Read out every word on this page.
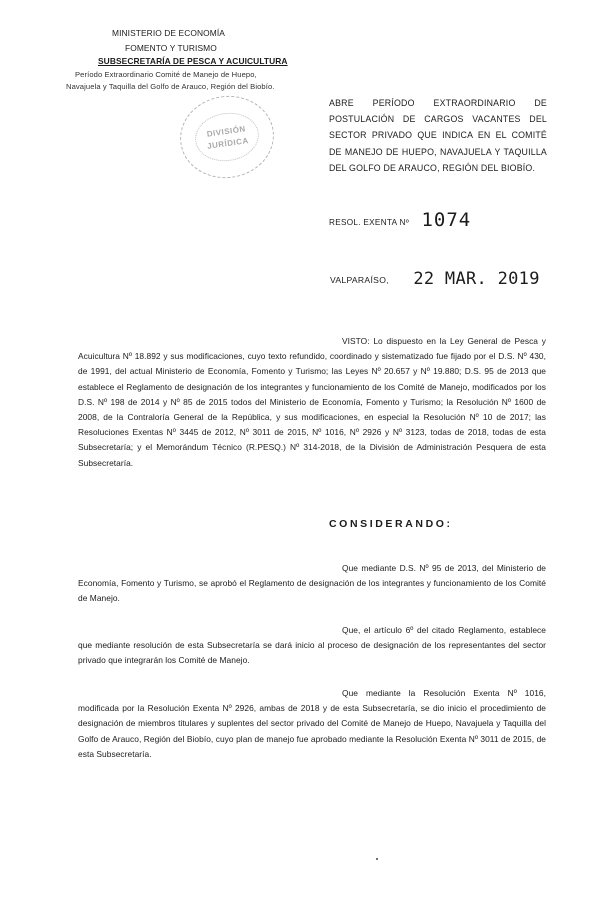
MINISTERIO DE ECONOMÍA
FOMENTO Y TURISMO
SUBSECRETARÍA DE PESCA Y ACUICULTURA
Período Extraordinario Comité de Manejo de Huepo,
Navajuela y Taquilla del Golfo de Arauco, Región del Biobío.
DIVISIÓN
JURÍDICA
ABRE PERÍODO EXTRAORDINARIO DE POSTULACIÓN DE CARGOS VACANTES DEL SECTOR PRIVADO QUE INDICA EN EL COMITÉ DE MANEJO DE HUEPO, NAVAJUELA Y TAQUILLA DEL GOLFO DE ARAUCO, REGIÓN DEL BIOBÍO.
RESOL. EXENTA Nº 1074
VALPARAÍSO, 22 MAR. 2019
VISTO: Lo dispuesto en la Ley General de Pesca y Acuicultura Nº 18.892 y sus modificaciones, cuyo texto refundido, coordinado y sistematizado fue fijado por el D.S. Nº 430, de 1991, del actual Ministerio de Economía, Fomento y Turismo; las Leyes Nº 20.657 y Nº 19.880; D.S. 95 de 2013 que establece el Reglamento de designación de los integrantes y funcionamiento de los Comité de Manejo, modificados por los D.S. Nº 198 de 2014 y Nº 85 de 2015 todos del Ministerio de Economía, Fomento y Turismo; la Resolución Nº 1600 de 2008, de la Contraloría General de la República, y sus modificaciones, en especial la Resolución Nº 10 de 2017; las Resoluciones Exentas Nº 3445 de 2012, Nº 3011 de 2015, Nº 1016, Nº 2926 y Nº 3123, todas de 2018, todas de esta Subsecretaría; y el Memorándum Técnico (R.PESQ.) Nº 314-2018, de la División de Administración Pesquera de esta Subsecretaría.
CONSIDERANDO:
Que mediante D.S. Nº 95 de 2013, del Ministerio de Economía, Fomento y Turismo, se aprobó el Reglamento de designación de los integrantes y funcionamiento de los Comité de Manejo.
Que, el artículo 6º del citado Reglamento, establece que mediante resolución de esta Subsecretaría se dará inicio al proceso de designación de los representantes del sector privado que integrarán los Comité de Manejo.
Que mediante la Resolución Exenta Nº 1016, modificada por la Resolución Exenta Nº 2926, ambas de 2018 y de esta Subsecretaría, se dio inicio el procedimiento de designación de miembros titulares y suplentes del sector privado del Comité de Manejo de Huepo, Navajuela y Taquilla del Golfo de Arauco, Región del Biobío, cuyo plan de manejo fue aprobado mediante la Resolución Exenta Nº 3011 de 2015, de esta Subsecretaría.
